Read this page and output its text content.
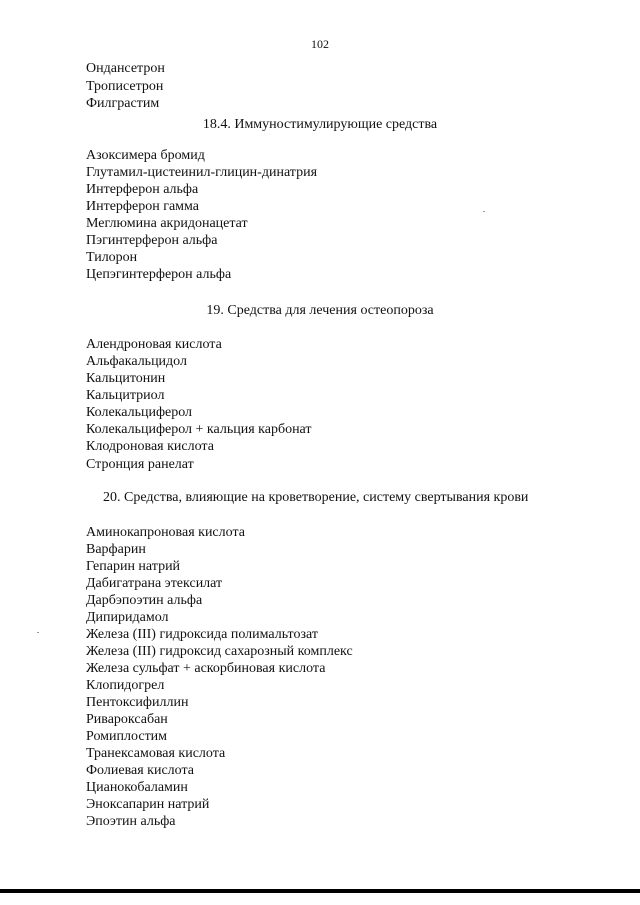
102
Ондансетрон
Трописетрон
Филграстим
18.4. Иммуностимулирующие средства
Азоксимера бромид
Глутамил-цистеинил-глицин-динатрия
Интерферон альфа
Интерферон гамма
Меглюмина акридонацетат
Пэгинтерферон альфа
Тилорон
Цепэгинтерферон альфа
19. Средства для лечения остеопороза
Алендроновая кислота
Альфакальцидол
Кальцитонин
Кальцитриол
Колекальциферол
Колекальциферол + кальция карбонат
Клодроновая кислота
Стронция ранелат
20. Средства, влияющие на кроветворение, систему свертывания крови
Аминокапроновая кислота
Варфарин
Гепарин натрий
Дабигатрана этексилат
Дарбэпоэтин альфа
Дипиридамол
Железа (III) гидроксида полимальтозат
Железа (III) гидроксид сахарозный комплекс
Железа сульфат + аскорбиновая кислота
Клопидогрел
Пентоксифиллин
Ривароксабан
Ромиплостим
Транексамовая кислота
Фолиевая кислота
Цианокобаламин
Эноксапарин натрий
Эпоэтин альфа
